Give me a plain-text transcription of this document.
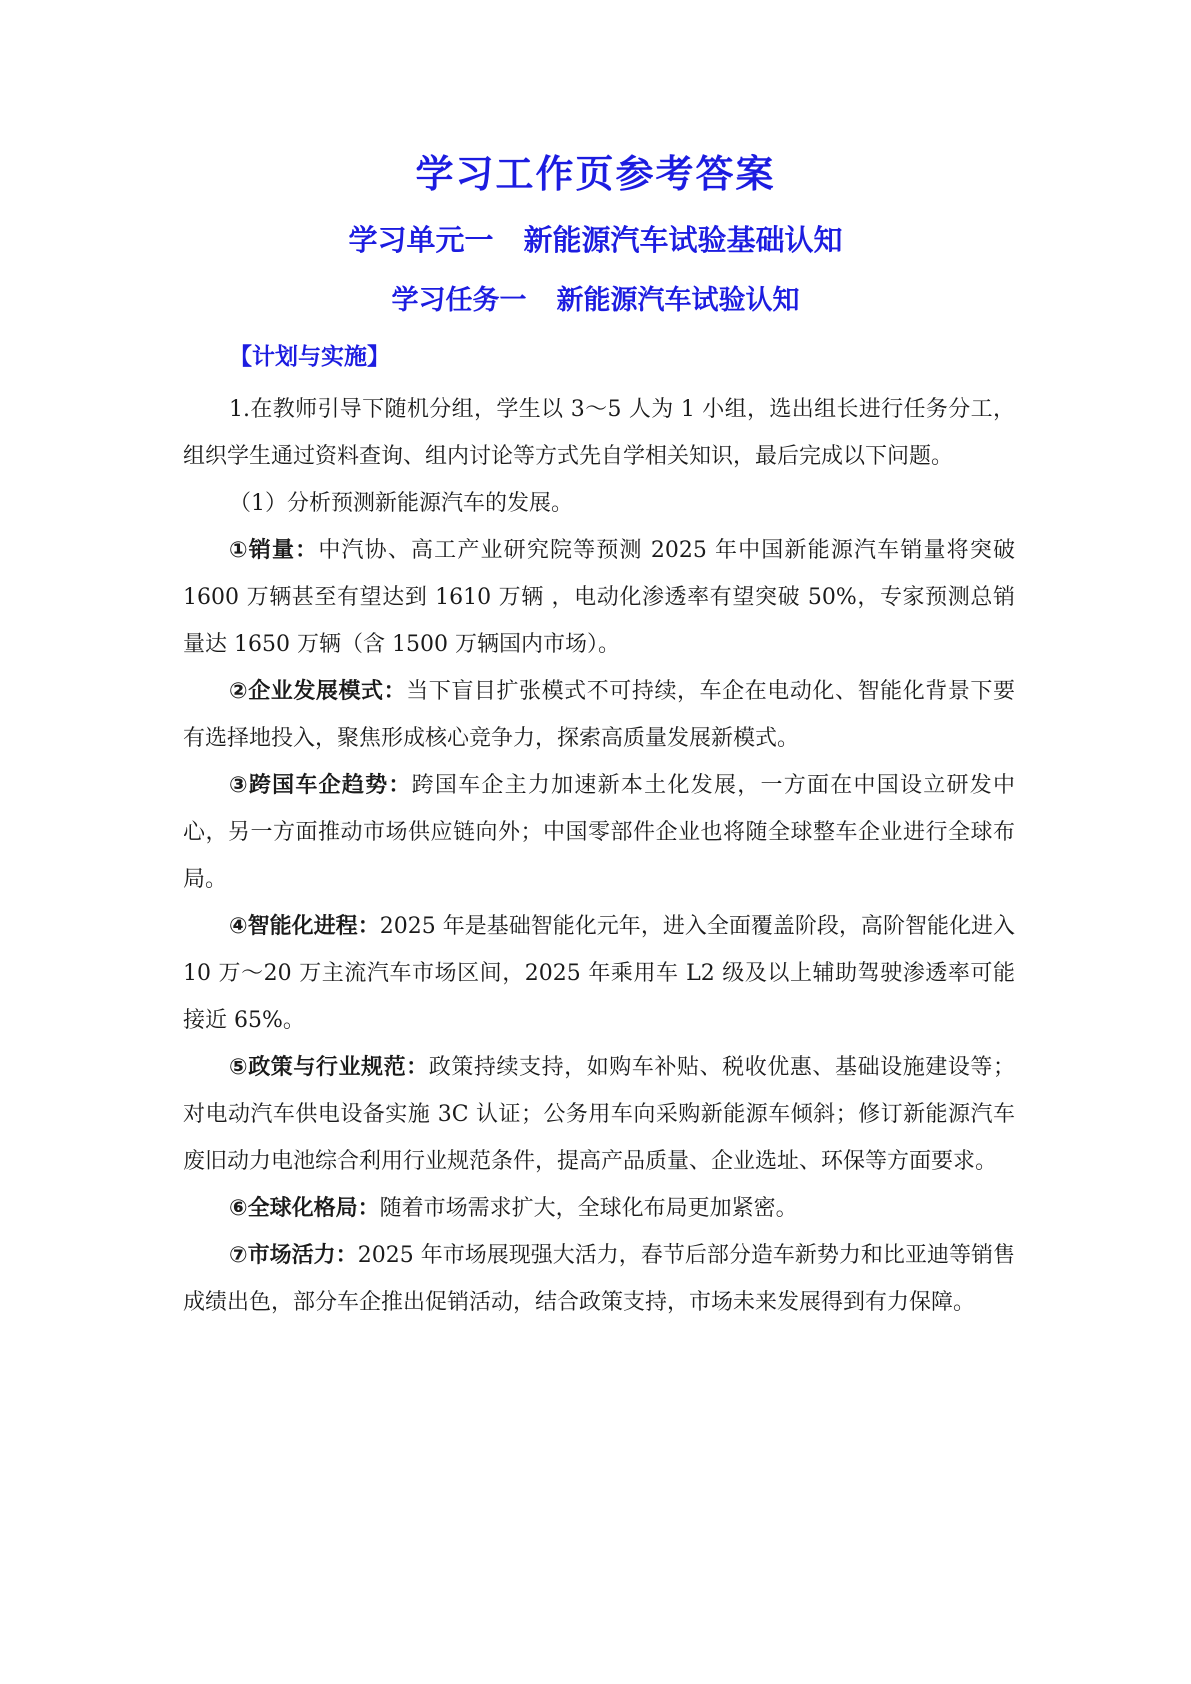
学习工作页参考答案
学习单元一 新能源汽车试验基础认知
学习任务一 新能源汽车试验认知
【计划与实施】

1.在教师引导下随机分组，学生以 3～5 人为 1 小组，选出组长进行任务分工，组织学生通过资料查询、组内讨论等方式先自学相关知识，最后完成以下问题。

（1）分析预测新能源汽车的发展。

①销量：中汽协、高工产业研究院等预测 2025 年中国新能源汽车销量将突破 1600 万辆甚至有望达到 1610 万辆 ，电动化渗透率有望突破 50%，专家预测总销量达 1650 万辆（含 1500 万辆国内市场）。

②企业发展模式：当下盲目扩张模式不可持续，车企在电动化、智能化背景下要有选择地投入，聚焦形成核心竞争力，探索高质量发展新模式。

③跨国车企趋势：跨国车企主力加速新本土化发展，一方面在中国设立研发中心，另一方面推动市场供应链向外；中国零部件企业也将随全球整车企业进行全球布局。

④智能化进程：2025 年是基础智能化元年，进入全面覆盖阶段，高阶智能化进入 10 万～20 万主流汽车市场区间，2025 年乘用车 L2 级及以上辅助驾驶渗透率可能接近 65%。

⑤政策与行业规范：政策持续支持，如购车补贴、税收优惠、基础设施建设等；对电动汽车供电设备实施 3C 认证；公务用车向采购新能源车倾斜；修订新能源汽车废旧动力电池综合利用行业规范条件，提高产品质量、企业选址、环保等方面要求。

⑥全球化格局：随着市场需求扩大，全球化布局更加紧密。

⑦市场活力：2025 年市场展现强大活力，春节后部分造车新势力和比亚迪等销售成绩出色，部分车企推出促销活动，结合政策支持，市场未来发展得到有力保障。
